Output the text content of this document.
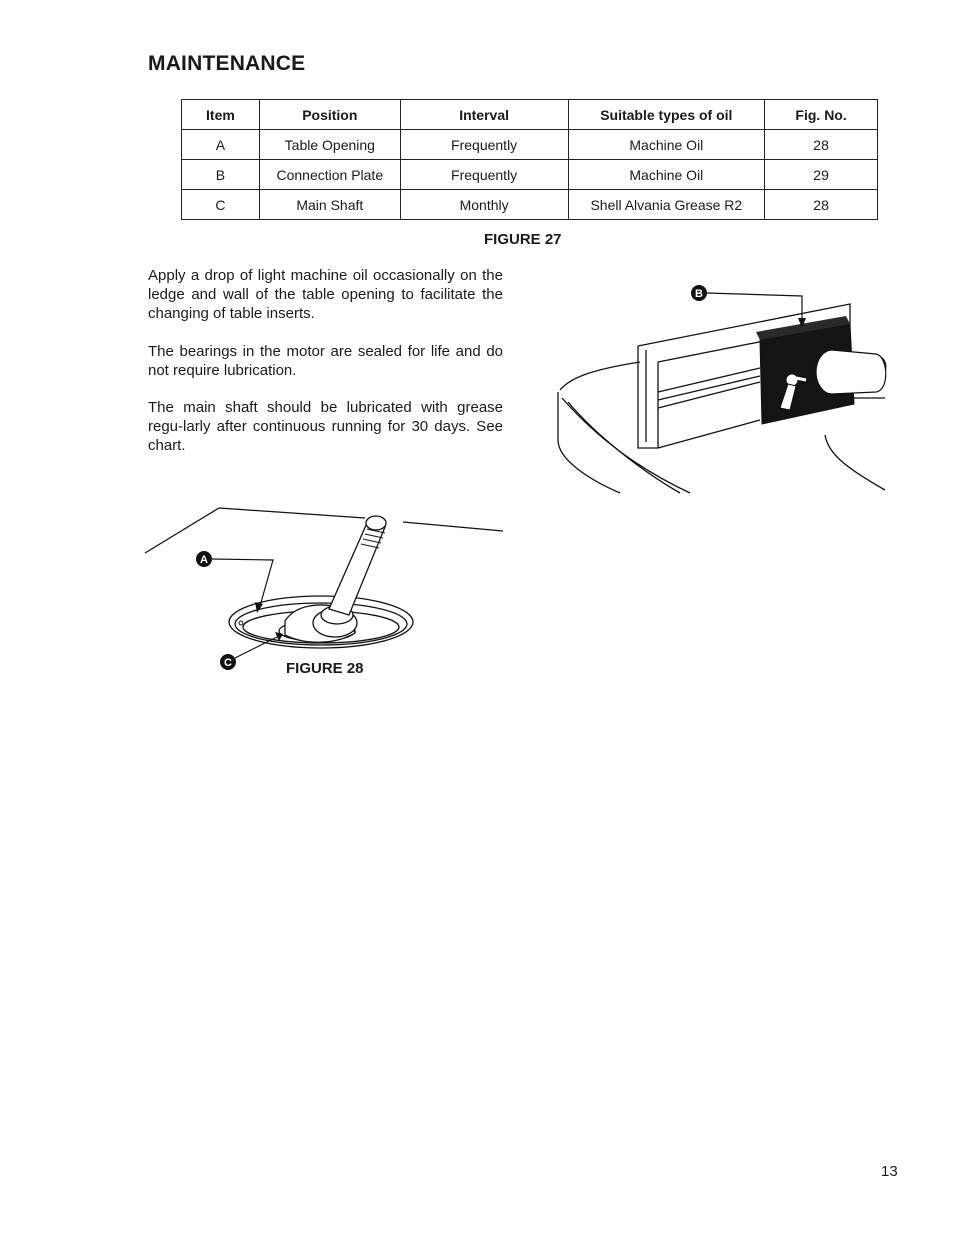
MAINTENANCE
Item	Position	Interval	Suitable types of oil	Fig. No.
A	Table Opening	Frequently	Machine Oil	28
B	Connection Plate	Frequently	Machine Oil	29
C	Main Shaft	Monthly	Shell Alvania Grease R2	28

FIGURE 27

Apply a drop of light machine oil occasionally on the ledge and wall of the table opening to facilitate the changing of table inserts.

The bearings in the motor are sealed for life and do not require lubrication.

The main shaft should be lubricated with grease regu-larly after continuous running for 30 days. See chart.

B
A
C	FIGURE 28

13
